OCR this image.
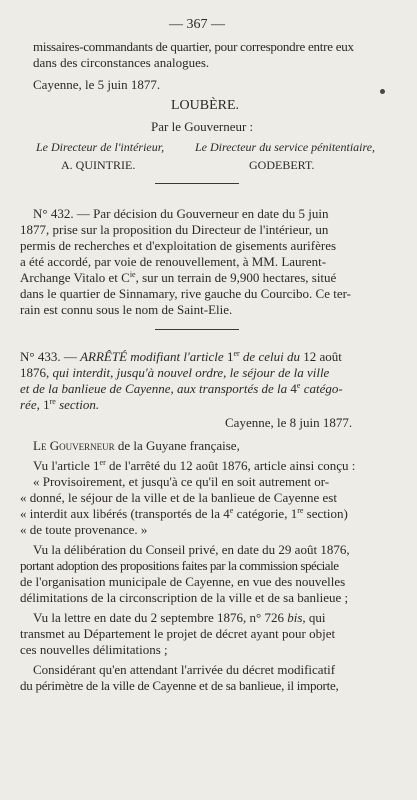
— 367 —
missaires-commandants de quartier, pour correspondre entre eux
dans des circonstances analogues.
Cayenne, le 5 juin 1877.
LOUBÈRE.
Par le Gouverneur :
Le Directeur de l'intérieur,	Le Directeur du service pénitentiaire,
A. QUINTRIE.	GODEBERT.
N° 432. — Par décision du Gouverneur en date du 5 juin
1877, prise sur la proposition du Directeur de l'intérieur, un
permis de recherches et d'exploitation de gisements aurifères
a été accordé, par voie de renouvellement, à MM. Laurent-
Archange Vitalo et $C^{ie}$, sur un terrain de 9,900 hectares, situé
dans le quartier de Sinnamary, rive gauche du Courcibo. Ce ter-
rain est connu sous le nom de Saint-Elie.
N° 433. — ARRÊTÉ modifiant l'article 1er de celui du 12 août
1876, qui interdit, jusqu'à nouvel ordre, le séjour de la ville
et de la banlieue de Cayenne, aux transportés de la 4e catégo-
rée, 1re section.
Cayenne, le 8 juin 1877.
Le Gouverneur de la Guyane française,
Vu l'article 1er de l'arrêté du 12 août 1876, article ainsi conçu :
« Provisoirement, et jusqu'à ce qu'il en soit autrement or-
« donné, le séjour de la ville et de la banlieue de Cayenne est
« interdit aux libérés (transportés de la 4e catégorie, 1re section)
« de toute provenance. »
Vu la délibération du Conseil privé, en date du 29 août 1876,
portant adoption des propositions faites par la commission spéciale
de l'organisation municipale de Cayenne, en vue des nouvelles
délimitations de la circonscription de la ville et de sa banlieue ;
Vu la lettre en date du 2 septembre 1876, n° 726 bis, qui
transmet au Département le projet de décret ayant pour objet
ces nouvelles délimitations ;
Considérant qu'en attendant l'arrivée du décret modificatif
du périmètre de la ville de Cayenne et de sa banlieue, il importe,
